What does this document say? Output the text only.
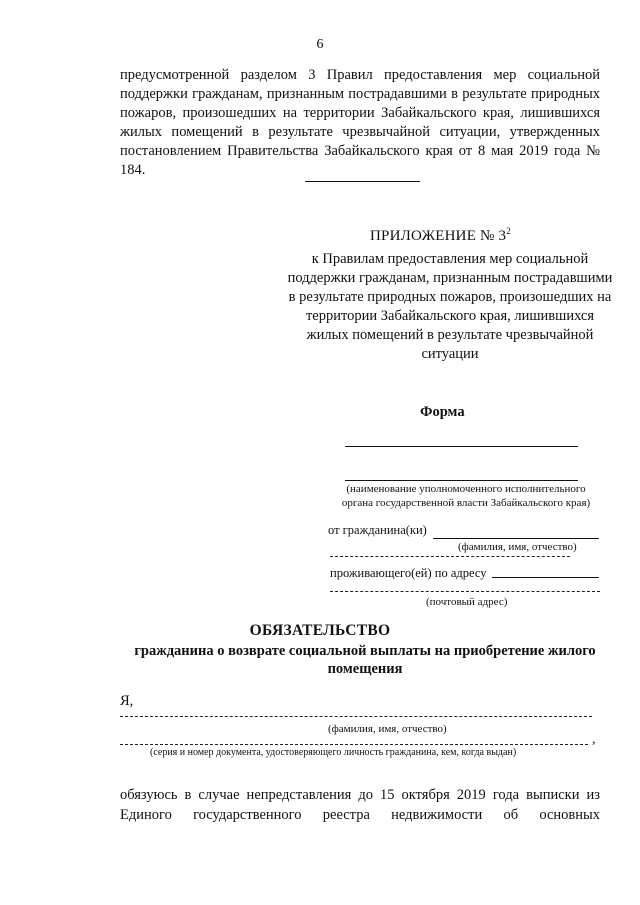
6
предусмотренной разделом 3 Правил предоставления мер социальной поддержки гражданам, признанным пострадавшими в результате природных пожаров, произошедших на территории Забайкальского края, лишившихся жилых помещений в результате чрезвычайной ситуации, утвержденных постановлением Правительства Забайкальского края от 8 мая 2019 года № 184.
ПРИЛОЖЕНИЕ № $3^2$
к Правилам предоставления мер социальной поддержки гражданам, признанным пострадавшими в результате природных пожаров, произошедших на территории Забайкальского края, лишившихся жилых помещений в результате чрезвычайной ситуации
Форма
(наименование уполномоченного исполнительного
органа государственной власти Забайкальского края)
от гражданина(ки)
(фамилия, имя, отчество)
проживающего(ей) по адресу
(почтовый адрес)
ОБЯЗАТЕЛЬСТВО
гражданина о возврате социальной выплаты на приобретение жилого помещения
Я,
(фамилия, имя, отчество)
,
(серия и номер документа, удостоверяющего личность гражданина, кем, когда выдан)
обязуюсь в случае непредставления до 15 октября 2019 года выписки из
Единого государственного реестра недвижимости об основных
